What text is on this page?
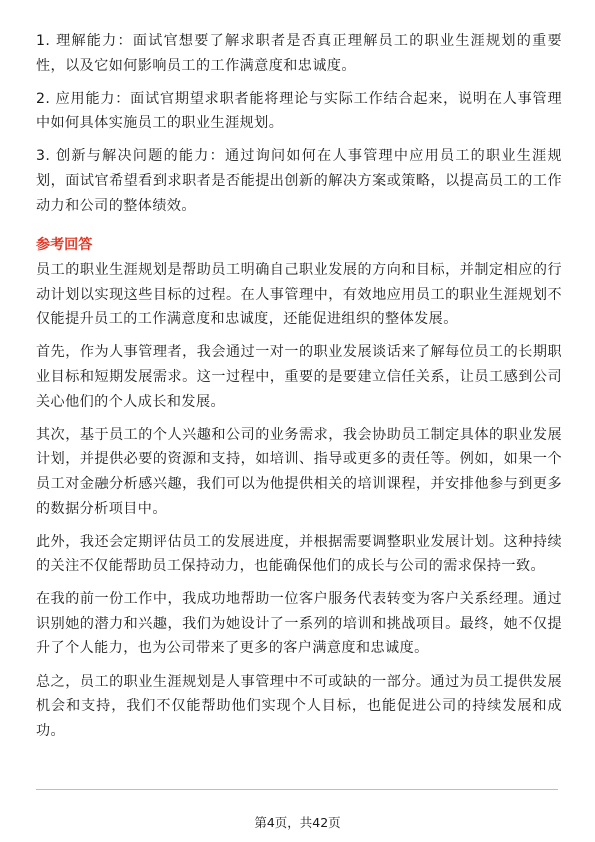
1. 理解能力：面试官想要了解求职者是否真正理解员工的职业生涯规划的重要性，以及它如何影响员工的工作满意度和忠诚度。

2. 应用能力：面试官期望求职者能将理论与实际工作结合起来，说明在人事管理中如何具体实施员工的职业生涯规划。

3. 创新与解决问题的能力：通过询问如何在人事管理中应用员工的职业生涯规划，面试官希望看到求职者是否能提出创新的解决方案或策略，以提高员工的工作动力和公司的整体绩效。

参考回答

员工的职业生涯规划是帮助员工明确自己职业发展的方向和目标，并制定相应的行动计划以实现这些目标的过程。在人事管理中，有效地应用员工的职业生涯规划不仅能提升员工的工作满意度和忠诚度，还能促进组织的整体发展。

首先，作为人事管理者，我会通过一对一的职业发展谈话来了解每位员工的长期职业目标和短期发展需求。这一过程中，重要的是要建立信任关系，让员工感到公司关心他们的个人成长和发展。

其次，基于员工的个人兴趣和公司的业务需求，我会协助员工制定具体的职业发展计划，并提供必要的资源和支持，如培训、指导或更多的责任等。例如，如果一个员工对金融分析感兴趣，我们可以为他提供相关的培训课程，并安排他参与到更多的数据分析项目中。

此外，我还会定期评估员工的发展进度，并根据需要调整职业发展计划。这种持续的关注不仅能帮助员工保持动力，也能确保他们的成长与公司的需求保持一致。

在我的前一份工作中，我成功地帮助一位客户服务代表转变为客户关系经理。通过识别她的潜力和兴趣，我们为她设计了一系列的培训和挑战项目。最终，她不仅提升了个人能力，也为公司带来了更多的客户满意度和忠诚度。

总之，员工的职业生涯规划是人事管理中不可或缺的一部分。通过为员工提供发展机会和支持，我们不仅能帮助他们实现个人目标，也能促进公司的持续发展和成功。

第4页，共42页
